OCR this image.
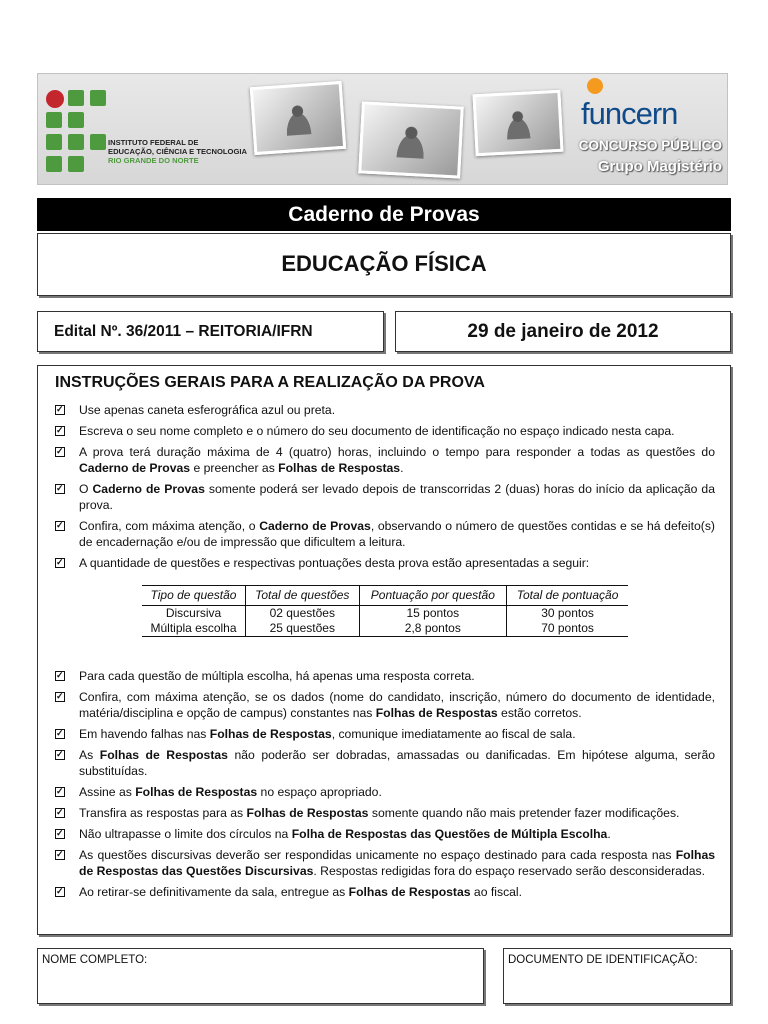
INSTITUTO FEDERAL DE
EDUCAÇÃO, CIÊNCIA E TECNOLOGIA
RIO GRANDE DO NORTE
funcern
CONCURSO PÚBLICO
Grupo Magistério
Caderno de Provas
EDUCAÇÃO FÍSICA
Edital Nº. 36/2011 – REITORIA/IFRN	29 de janeiro de 2012
INSTRUÇÕES GERAIS PARA A REALIZAÇÃO DA PROVA
✓
Use apenas caneta esferográfica azul ou preta.
✓
Escreva o seu nome completo e o número do seu documento de identificação no espaço indicado nesta capa.
✓
A prova terá duração máxima de 4 (quatro) horas, incluindo o tempo para responder a todas as questões do Caderno de Provas e preencher as Folhas de Respostas.
✓
O Caderno de Provas somente poderá ser levado depois de transcorridas 2 (duas) horas do início da aplicação da prova.
✓
Confira, com máxima atenção, o Caderno de Provas, observando o número de questões contidas e se há defeito(s) de encadernação e/ou de impressão que dificultem a leitura.
✓
A quantidade de questões e respectivas pontuações desta prova estão apresentadas a seguir:
Tipo de questão	Total de questões	Pontuação por questão	Total de pontuação
Discursiva	02 questões	15 pontos	30 pontos
Múltipla escolha	25 questões	2,8 pontos	70 pontos
✓
Para cada questão de múltipla escolha, há apenas uma resposta correta.
✓
Confira, com máxima atenção, se os dados (nome do candidato, inscrição, número do documento de identidade, matéria/disciplina e opção de campus) constantes nas Folhas de Respostas estão corretos.
✓
Em havendo falhas nas Folhas de Respostas, comunique imediatamente ao fiscal de sala.
✓
As Folhas de Respostas não poderão ser dobradas, amassadas ou danificadas. Em hipótese alguma, serão substituídas.
✓
Assine as Folhas de Respostas no espaço apropriado.
✓
Transfira as respostas para as Folhas de Respostas somente quando não mais pretender fazer modificações.
✓
Não ultrapasse o limite dos círculos na Folha de Respostas das Questões de Múltipla Escolha.
✓
As questões discursivas deverão ser respondidas unicamente no espaço destinado para cada resposta nas Folhas de Respostas das Questões Discursivas. Respostas redigidas fora do espaço reservado serão desconsideradas.
✓
Ao retirar-se definitivamente da sala, entregue as Folhas de Respostas ao fiscal.
NOME COMPLETO:	DOCUMENTO DE IDENTIFICAÇÃO:
